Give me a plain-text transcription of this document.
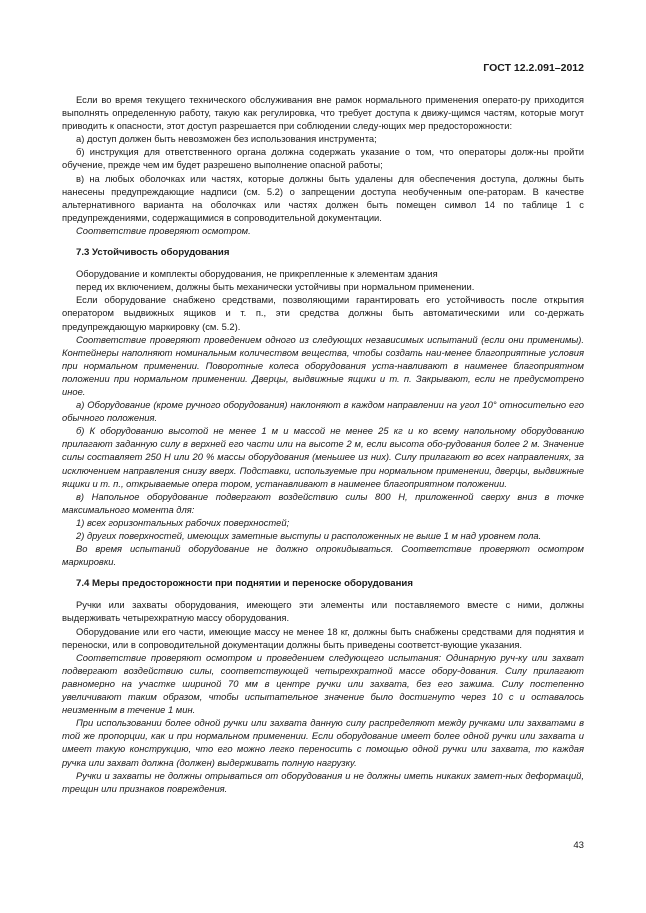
ГОСТ 12.2.091–2012

Если во время текущего технического обслуживания вне рамок нормального применения операто-ру приходится выполнять определенную работу, такую как регулировка, что требует доступа к движу-щимся частям, которые могут приводить к опасности, этот доступ разрешается при соблюдении следу-ющих мер предосторожности:

а) доступ должен быть невозможен без использования инструмента;

б) инструкция для ответственного органа должна содержать указание о том, что операторы долж-ны пройти обучение, прежде чем им будет разрешено выполнение опасной работы;

в) на любых оболочках или частях, которые должны быть удалены для обеспечения доступа, должны быть нанесены предупреждающие надписи (см. 5.2) о запрещении доступа необученным опе-раторам. В качестве альтернативного варианта на оболочках или частях должен быть помещен символ 14 по таблице 1 с предупреждениями, содержащимися в сопроводительной документации.

Соответствие проверяют осмотром.

7.3 Устойчивость оборудования

Оборудование и комплекты оборудования, не прикрепленные к элементам здания

перед их включением, должны быть механически устойчивы при нормальном применении.

Если оборудование снабжено средствами, позволяющими гарантировать его устойчивость после открытия оператором выдвижных ящиков и т. п., эти средства должны быть автоматическими или со-держать предупреждающую маркировку (см. 5.2).

Соответствие проверяют проведением одного из следующих независимых испытаний (если они применимы). Контейнеры наполняют номинальным количеством вещества, чтобы создать наи-менее благоприятные условия при нормальном применении. Поворотные колеса оборудования уста-навливают в наименее благоприятном положении при нормальном применении. Дверцы, выдвижные ящики и т. п. Закрывают, если не предусмотрено иное.

а) Оборудование (кроме ручного оборудования) наклоняют в каждом направлении на угол 10° относительно его обычного положения.

б) К оборудованию высотой не менее 1 м и массой не менее 25 кг и ко всему напольному оборудованию прилагают заданную силу в верхней его части или на высоте 2 м, если высота обо-рудования более 2 м. Значение силы составляет 250 Н или 20 % массы оборудования (меньшее из них). Силу прилагают во всех направлениях, за исключением направления снизу вверх. Подставки, используемые при нормальном применении, дверцы, выдвижные ящики и т. п., открываемые опера тором, устанавливают в наименее благоприятном положении.

в) Напольное оборудование подвергают воздействию силы 800 Н, приложенной сверху вниз в точке максимального момента для:

1) всех горизонтальных рабочих поверхностей;

2) других поверхностей, имеющих заметные выступы и расположенных не выше 1 м над уровнем пола.

Во время испытаний оборудование не должно опрокидываться. Соответствие проверяют осмотром маркировки.

7.4 Меры предосторожности при поднятии и переноске оборудования

Ручки или захваты оборудования, имеющего эти элементы или поставляемого вместе с ними, должны выдерживать четырехкратную массу оборудования.

Оборудование или его части, имеющие массу не менее 18 кг, должны быть снабжены средствами для поднятия и переноски, или в сопроводительной документации должны быть приведены соответст-вующие указания.

Соответствие проверяют осмотром и проведением следующего испытания: Одинарную руч-ку или захват подвергают воздействию силы, соответствующей четырехкратной массе обору-дования. Силу прилагают равномерно на участке шириной 70 мм в центре ручки или захвата, без его зажима. Силу постепенно увеличивают таким образом, чтобы испытательное значение было достигнуто через 10 с и оставалось неизменным в течение 1 мин.

При использовании более одной ручки или захвата данную силу распределяют между ручками или захватами в той же пропорции, как и при нормальном применении. Если оборудование имеет более одной ручки или захвата и имеет такую конструкцию, что его можно легко переносить с помощью одной ручки или захвата, то каждая ручка или захват должна (должен) выдерживать полную нагрузку.

Ручки и захваты не должны отрываться от оборудования и не должны иметь никаких замет-ных деформаций, трещин или признаков повреждения.

43
